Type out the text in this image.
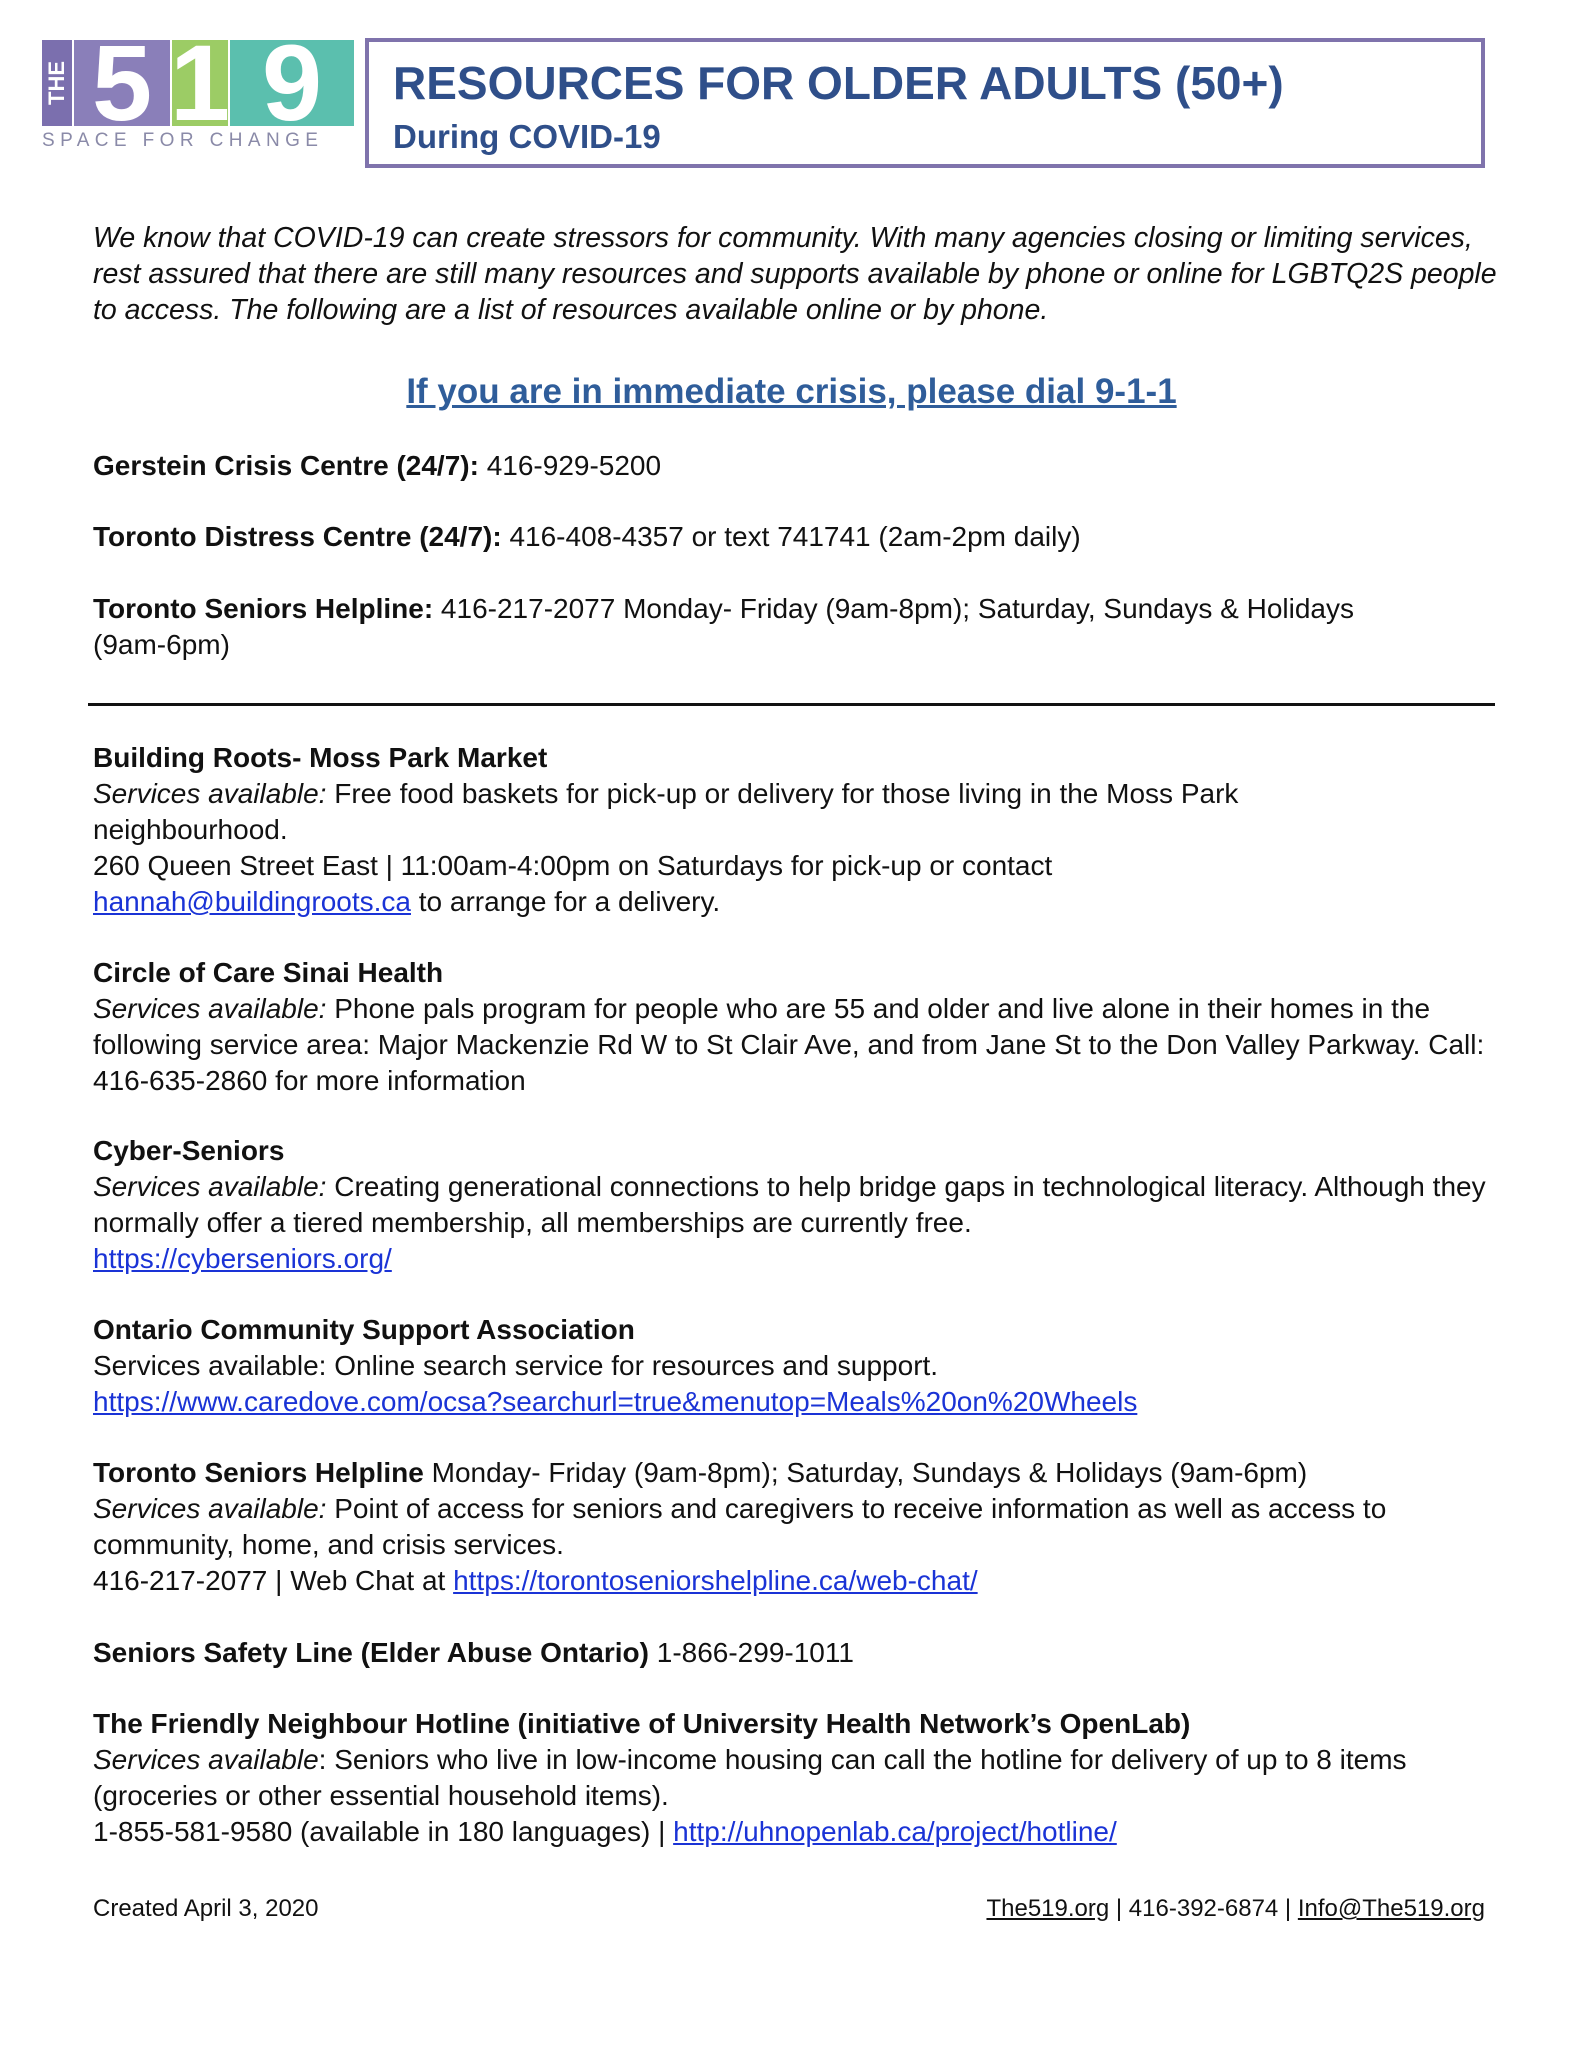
THE 5 1 9
SPACE FOR CHANGE
RESOURCES FOR OLDER ADULTS (50+)
During COVID-19
We know that COVID-19 can create stressors for community. With many agencies closing or limiting services, rest assured that there are still many resources and supports available by phone or online for LGBTQ2S people to access. The following are a list of resources available online or by phone.
If you are in immediate crisis, please dial 9-1-1
Gerstein Crisis Centre (24/7): 416-929-5200
Toronto Distress Centre (24/7): 416-408-4357 or text 741741 (2am-2pm daily)
Toronto Seniors Helpline: 416-217-2077 Monday- Friday (9am-8pm); Saturday, Sundays & Holidays (9am-6pm)
Building Roots- Moss Park Market
Services available: Free food baskets for pick-up or delivery for those living in the Moss Park neighbourhood.
260 Queen Street East | 11:00am-4:00pm on Saturdays for pick-up or contact
hannah@buildingroots.ca to arrange for a delivery.
Circle of Care Sinai Health
Services available: Phone pals program for people who are 55 and older and live alone in their homes in the following service area: Major Mackenzie Rd W to St Clair Ave, and from Jane St to the Don Valley Parkway. Call: 416-635-2860 for more information
Cyber-Seniors
Services available: Creating generational connections to help bridge gaps in technological literacy. Although they normally offer a tiered membership, all memberships are currently free.
https://cyberseniors.org/
Ontario Community Support Association
Services available: Online search service for resources and support.
https://www.caredove.com/ocsa?searchurl=true&menutop=Meals%20on%20Wheels
Toronto Seniors Helpline Monday- Friday (9am-8pm); Saturday, Sundays & Holidays (9am-6pm)
Services available: Point of access for seniors and caregivers to receive information as well as access to community, home, and crisis services.
416-217-2077 | Web Chat at https://torontoseniorshelpline.ca/web-chat/
Seniors Safety Line (Elder Abuse Ontario) 1-866-299-1011
The Friendly Neighbour Hotline (initiative of University Health Network’s OpenLab)
Services available: Seniors who live in low-income housing can call the hotline for delivery of up to 8 items (groceries or other essential household items).
1-855-581-9580 (available in 180 languages) | http://uhnopenlab.ca/project/hotline/
Created April 3, 2020	The519.org | 416-392-6874 | Info@The519.org
